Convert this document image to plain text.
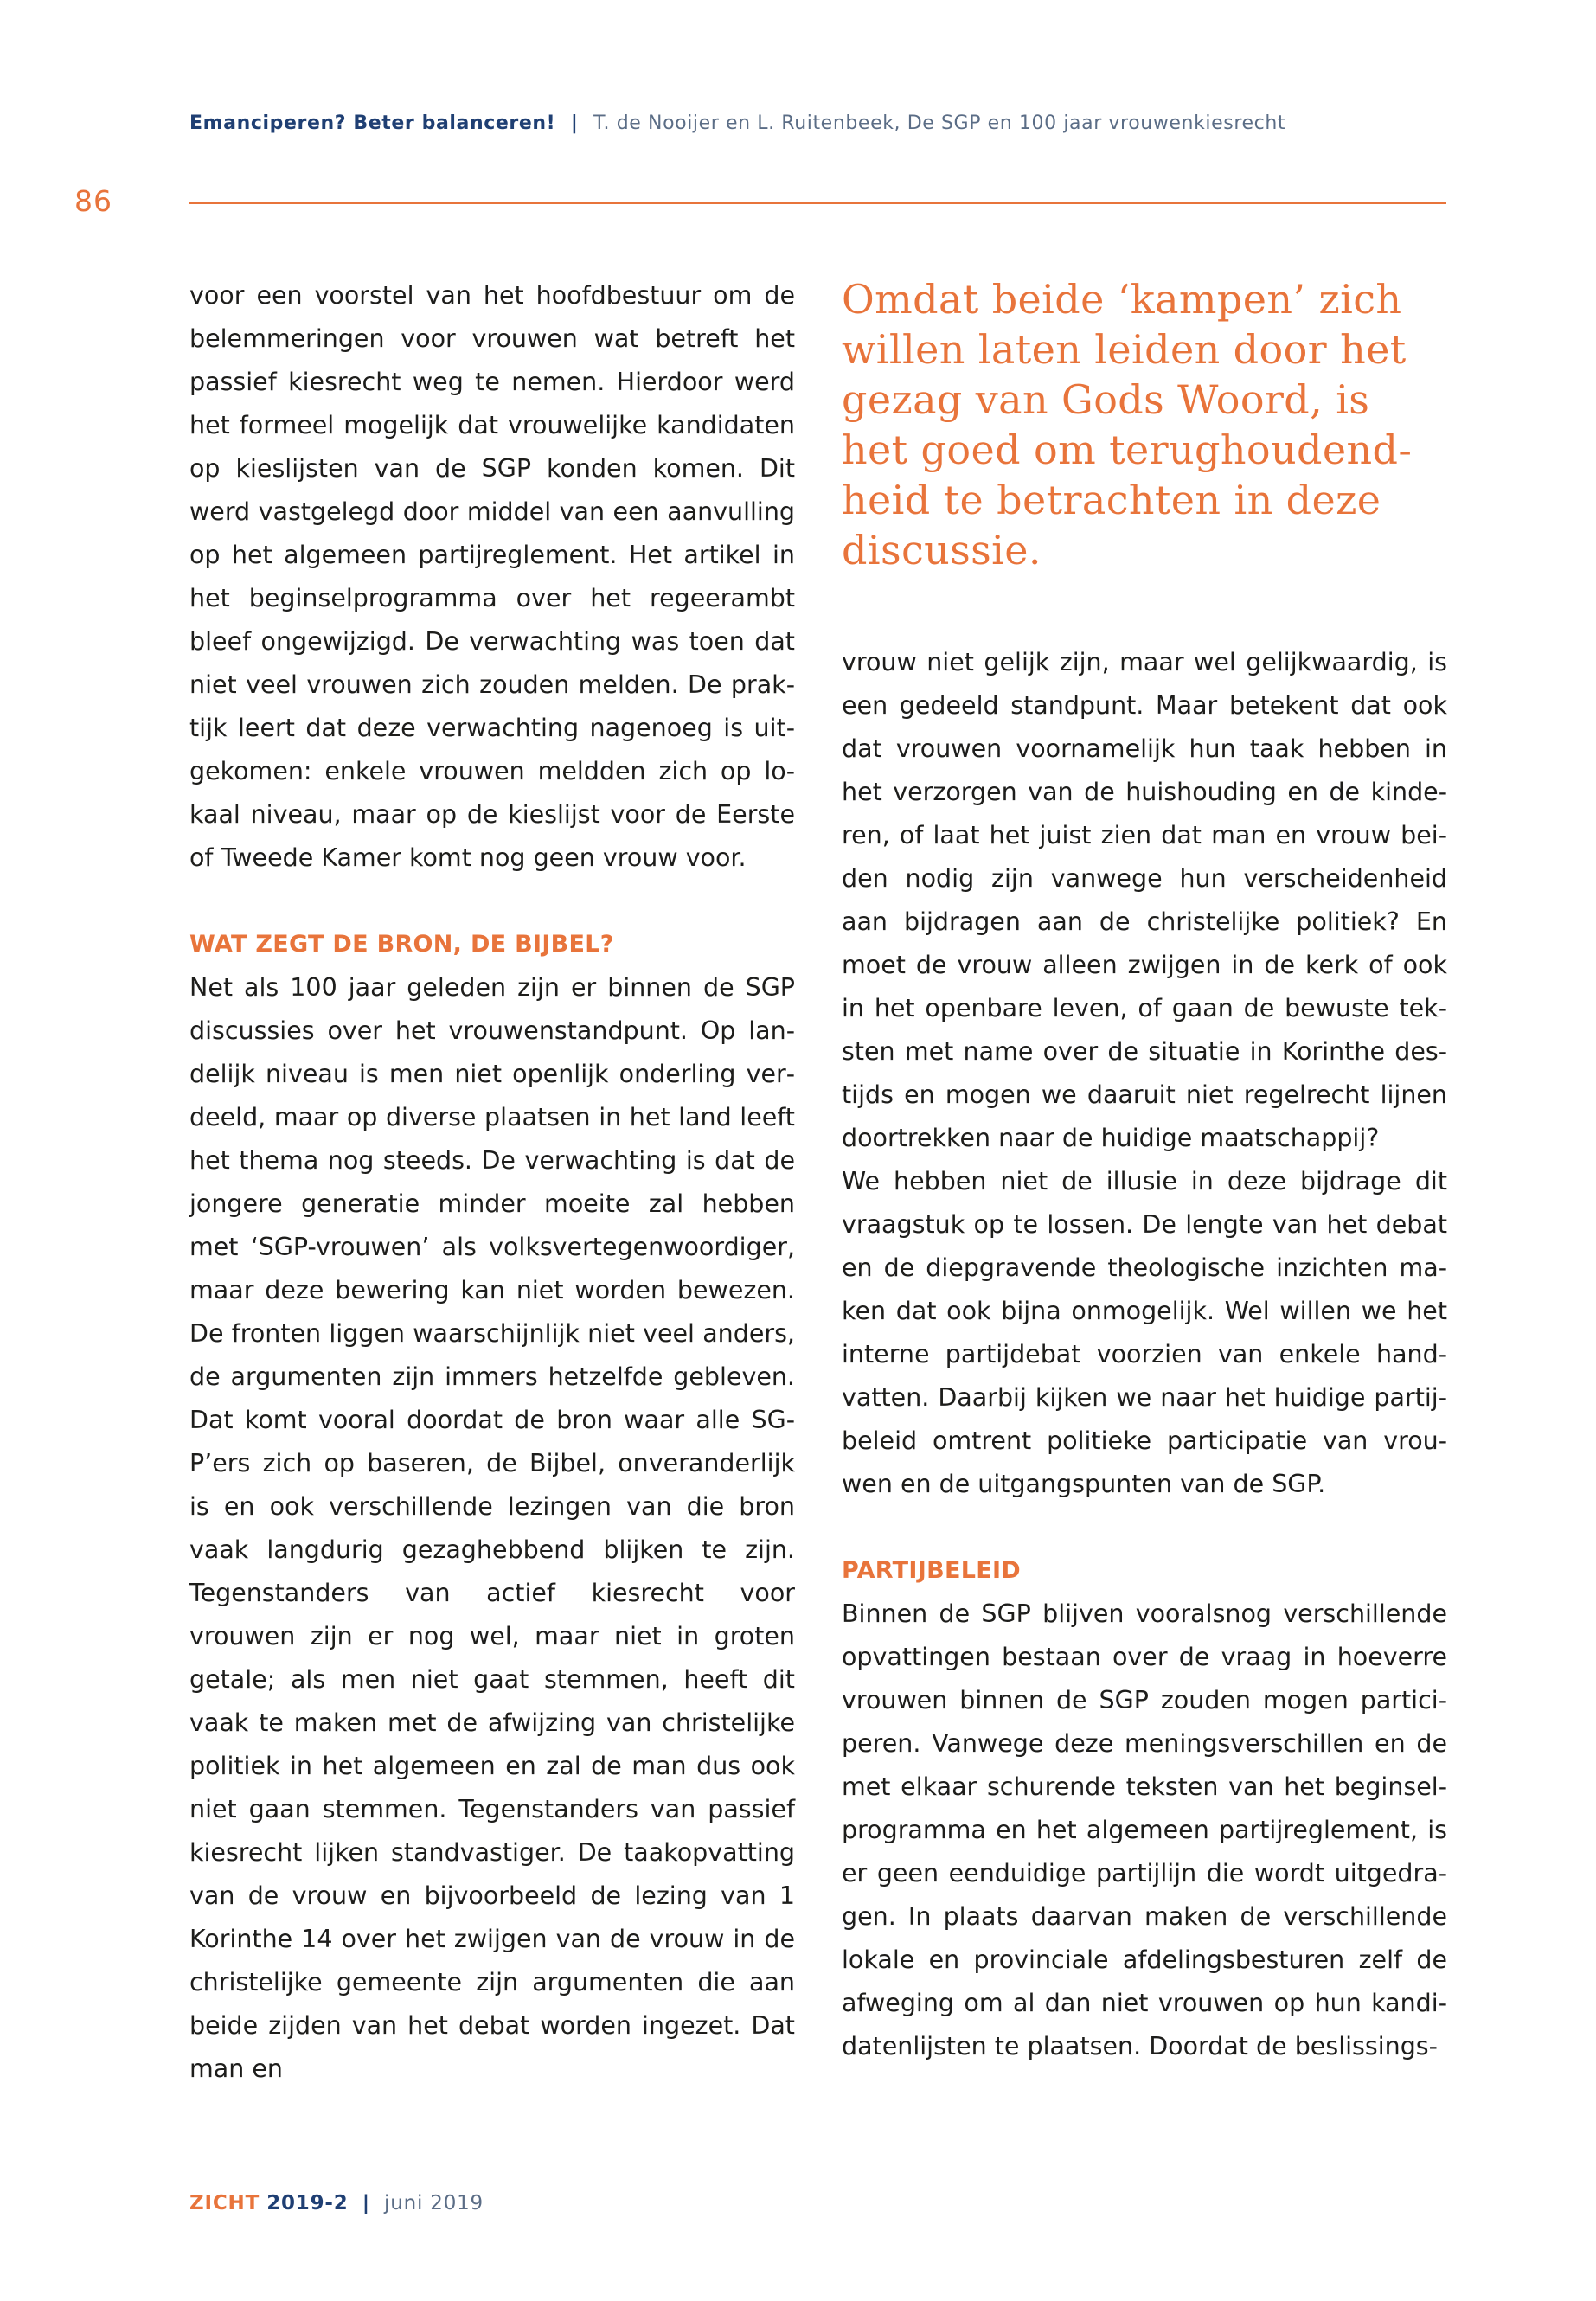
Emanciperen? Beter balanceren! | T. de Nooijer en L. Ruitenbeek, De SGP en 100 jaar vrouwenkiesrecht
86

voor een voorstel van het hoofdbestuur om de belemmeringen voor vrouwen wat betreft het passief kiesrecht weg te nemen. Hierdoor werd het formeel mogelijk dat vrouwelijke kandidaten op kieslijsten van de SGP konden komen. Dit werd vastgelegd door middel van een aanvulling op het algemeen partijreglement. Het artikel in het beginselprogramma over het regeerambt bleef ongewijzigd. De verwachting was toen dat niet veel vrouwen zich zouden melden. De praktijk leert dat deze verwachting nagenoeg is uitgekomen: enkele vrouwen meldden zich op lokaal niveau, maar op de kieslijst voor de Eerste of Tweede Kamer komt nog geen vrouw voor.

WAT ZEGT DE BRON, DE BIJBEL?

Net als 100 jaar geleden zijn er binnen de SGP discussies over het vrouwenstandpunt. Op landelijk niveau is men niet openlijk onderling verdeeld, maar op diverse plaatsen in het land leeft het thema nog steeds. De verwachting is dat de jongere generatie minder moeite zal hebben met ‘SGP-vrouwen’ als volksvertegenwoordiger, maar deze bewering kan niet worden bewezen. De fronten liggen waarschijnlijk niet veel anders, de argumenten zijn immers hetzelfde gebleven. Dat komt vooral doordat de bron waar alle SGP’ers zich op baseren, de Bijbel, onveranderlijk is en ook verschillende lezingen van die bron vaak langdurig gezaghebbend blijken te zijn. Tegenstanders van actief kiesrecht voor vrouwen zijn er nog wel, maar niet in groten getale; als men niet gaat stemmen, heeft dit vaak te maken met de afwijzing van christelijke politiek in het algemeen en zal de man dus ook niet gaan stemmen. Tegenstanders van passief kiesrecht lijken standvastiger. De taakopvatting van de vrouw en bijvoorbeeld de lezing van 1 Korinthe 14 over het zwijgen van de vrouw in de christelijke gemeente zijn argumenten die aan beide zijden van het debat worden ingezet. Dat man en

Omdat beide ‘kampen’ zich willen laten leiden door het gezag van Gods Woord, is het goed om terughoudendheid te betrachten in deze discussie.

vrouw niet gelijk zijn, maar wel gelijkwaardig, is een gedeeld standpunt. Maar betekent dat ook dat vrouwen voornamelijk hun taak hebben in het verzorgen van de huishouding en de kinderen, of laat het juist zien dat man en vrouw beiden nodig zijn vanwege hun verscheidenheid aan bijdragen aan de christelijke politiek? En moet de vrouw alleen zwijgen in de kerk of ook in het openbare leven, of gaan de bewuste teksten met name over de situatie in Korinthe destijds en mogen we daaruit niet regelrecht lijnen doortrekken naar de huidige maatschappij?

We hebben niet de illusie in deze bijdrage dit vraagstuk op te lossen. De lengte van het debat en de diepgravende theologische inzichten maken dat ook bijna onmogelijk. Wel willen we het interne partijdebat voorzien van enkele handvatten. Daarbij kijken we naar het huidige partijbeleid omtrent politieke participatie van vrouwen en de uitgangspunten van de SGP.

PARTIJBELEID

Binnen de SGP blijven vooralsnog verschillende opvattingen bestaan over de vraag in hoeverre vrouwen binnen de SGP zouden mogen participeren. Vanwege deze meningsverschillen en de met elkaar schurende teksten van het beginselprogramma en het algemeen partijreglement, is er geen eenduidige partijlijn die wordt uitgedragen. In plaats daarvan maken de verschillende lokale en provinciale afdelingsbesturen zelf de afweging om al dan niet vrouwen op hun kandidatenlijsten te plaatsen. Doordat de beslissings-

ZICHT 2019-2 | juni 2019
